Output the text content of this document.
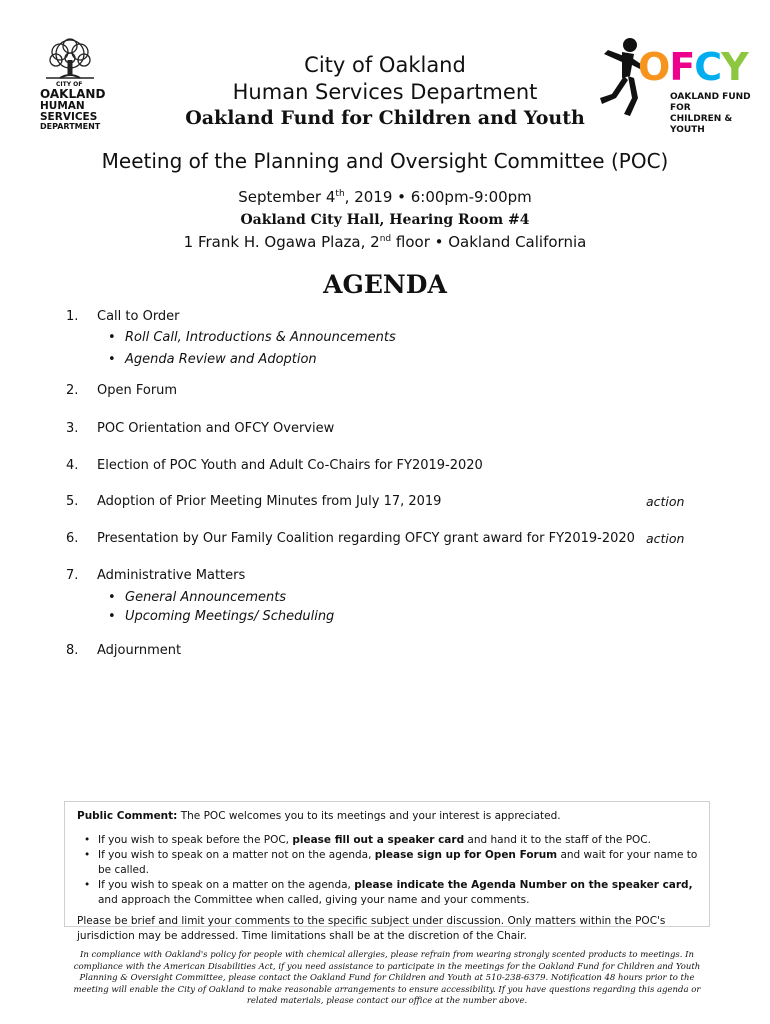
CITY OF
OAKLAND
HUMAN
SERVICES
DEPARTMENT
OFCY
OAKLAND FUND FOR
CHILDREN & YOUTH
City of Oakland
Human Services Department
Oakland Fund for Children and Youth
Meeting of the Planning and Oversight Committee (POC)
September 4th, 2019 • 6:00pm-9:00pm
Oakland City Hall, Hearing Room #4
1 Frank H. Ogawa Plaza, 2nd floor • Oakland California
AGENDA
1. Call to Order
• Roll Call, Introductions & Announcements
• Agenda Review and Adoption
2. Open Forum
3. POC Orientation and OFCY Overview
4. Election of POC Youth and Adult Co-Chairs for FY2019-2020
5. Adoption of Prior Meeting Minutes from July 17, 2019	action
6. Presentation by Our Family Coalition regarding OFCY grant award for FY2019-2020 action
7. Administrative Matters
• General Announcements
• Upcoming Meetings/ Scheduling
8. Adjournment

Public Comment: The POC welcomes you to its meetings and your interest is appreciated.

• If you wish to speak before the POC, please fill out a speaker card and hand it to the staff of the POC.
• If you wish to speak on a matter not on the agenda, please sign up for Open Forum and wait for your name to be called.
• If you wish to speak on a matter on the agenda, please indicate the Agenda Number on the speaker card, and approach the Committee when called, giving your name and your comments.

Please be brief and limit your comments to the specific subject under discussion. Only matters within the POC's jurisdiction may be addressed. Time limitations shall be at the discretion of the Chair.

In compliance with Oakland's policy for people with chemical allergies, please refrain from wearing strongly scented products to meetings. In compliance with the American Disabilities Act, if you need assistance to participate in the meetings for the Oakland Fund for Children and Youth Planning & Oversight Committee, please contact the Oakland Fund for Children and Youth at 510-238-6379. Notification 48 hours prior to the meeting will enable the City of Oakland to make reasonable arrangements to ensure accessibility. If you have questions regarding this agenda or related materials, please contact our office at the number above.
